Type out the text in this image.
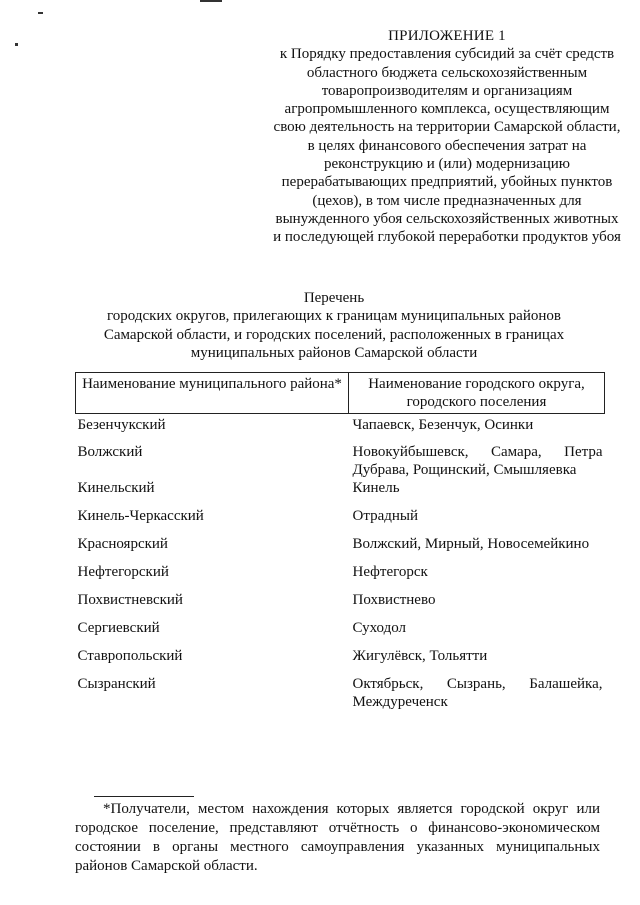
ПРИЛОЖЕНИЕ 1
к Порядку предоставления субсидий за счёт средств
областного бюджета сельскохозяйственным
товаропроизводителям и организациям
агропромышленного комплекса, осуществляющим
свою деятельность на территории Самарской области,
в целях финансового обеспечения затрат на
реконструкцию и (или) модернизацию
перерабатывающих предприятий, убойных пунктов
(цехов), в том числе предназначенных для
вынужденного убоя сельскохозяйственных животных
и последующей глубокой переработки продуктов убоя
Перечень
городских округов, прилегающих к границам муниципальных районов
Самарской области, и городских поселений, расположенных в границах
муниципальных районов Самарской области
Наименование муниципального района*	Наименование городского округа, городского поселения
Безенчукский	Чапаевск, Безенчук, Осинки
Волжский	Новокуйбышевск, Самара, Петра Дубрава, Рощинский, Смышляевка
Кинельский	Кинель
Кинель-Черкасский	Отрадный
Красноярский	Волжский, Мирный, Новосемейкино
Нефтегорский	Нефтегорск
Похвистневский	Похвистнево
Сергиевский	Суходол
Ставропольский	Жигулёвск, Тольятти
Сызранский	Октябрьск, Сызрань, Балашейка, Междуреченск
*Получатели, местом нахождения которых является городской округ или городское поселение, представляют отчётность о финансово-экономическом состоянии в органы местного самоуправления указанных муниципальных районов Самарской области.
